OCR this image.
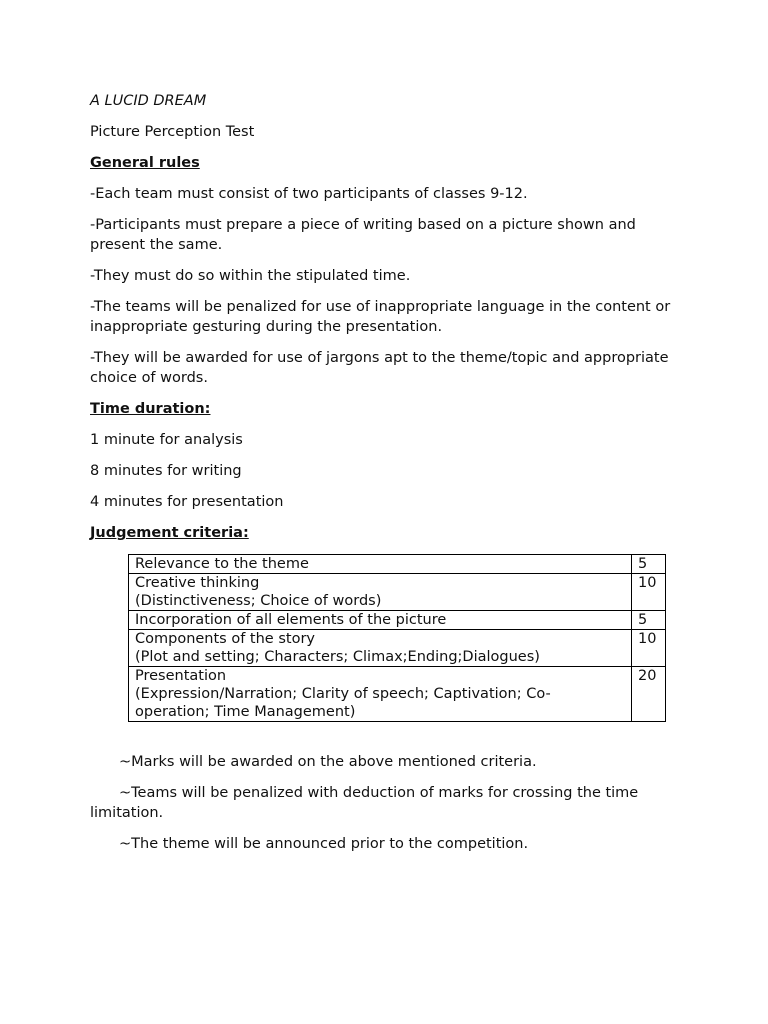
A LUCID DREAM

Picture Perception Test

General rules

-Each team must consist of two participants of classes 9-12.

-Participants must prepare a piece of writing based on a picture shown and present the same.

-They must do so within the stipulated time.

-The teams will be penalized for use of inappropriate language in the content or inappropriate gesturing during the presentation.

-They will be awarded for use of jargons apt to the theme/topic and appropriate choice of words.

Time duration:

1 minute for analysis

8 minutes for writing

4 minutes for presentation

Judgement criteria:

Relevance to the theme	5

Creative thinking
(Distinctiveness; Choice of words)	10

Incorporation of all elements of the picture	5

Components of the story
(Plot and setting; Characters; Climax;Ending;Dialogues)	10

Presentation
(Expression/Narration; Clarity of speech; Captivation; Co-operation; Time Management)	20

~Marks will be awarded on the above mentioned criteria.

~Teams will be penalized with deduction of marks for crossing the time limitation.

~The theme will be announced prior to the competition.
